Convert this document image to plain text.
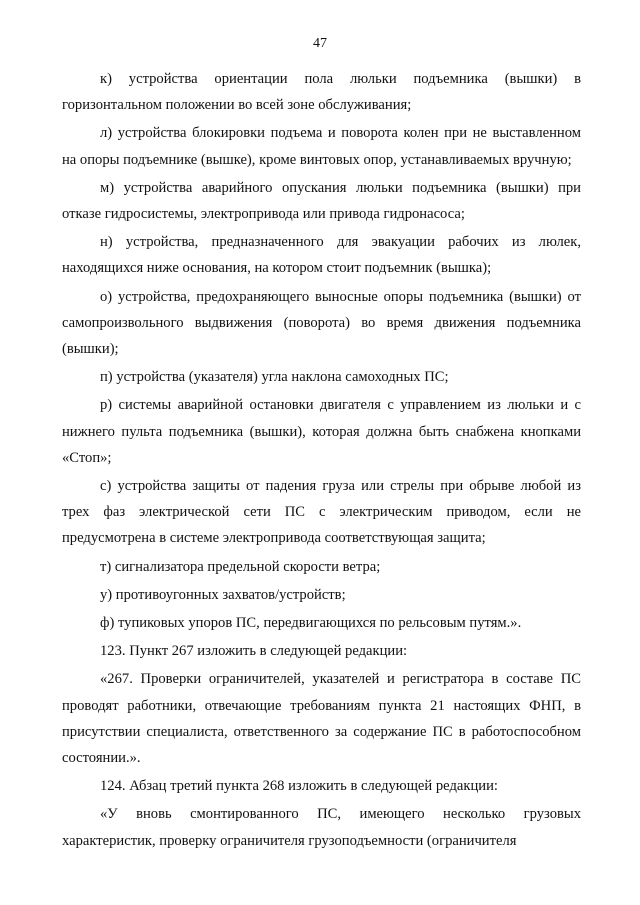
47

к) устройства ориентации пола люльки подъемника (вышки) в горизонтальном положении во всей зоне обслуживания;

л) устройства блокировки подъема и поворота колен при не выставленном на опоры подъемнике (вышке), кроме винтовых опор, устанавливаемых вручную;

м) устройства аварийного опускания люльки подъемника (вышки) при отказе гидросистемы, электропривода или привода гидронасоса;

н) устройства, предназначенного для эвакуации рабочих из люлек, находящихся ниже основания, на котором стоит подъемник (вышка);

о) устройства, предохраняющего выносные опоры подъемника (вышки) от самопроизвольного выдвижения (поворота) во время движения подъемника (вышки);

п) устройства (указателя) угла наклона самоходных ПС;

р) системы аварийной остановки двигателя с управлением из люльки и с нижнего пульта подъемника (вышки), которая должна быть снабжена кнопками «Стоп»;

с) устройства защиты от падения груза или стрелы при обрыве любой из трех фаз электрической сети ПС с электрическим приводом, если не предусмотрена в системе электропривода соответствующая защита;

т) сигнализатора предельной скорости ветра;

у) противоугонных захватов/устройств;

ф) тупиковых упоров ПС, передвигающихся по рельсовым путям.».

123. Пункт 267 изложить в следующей редакции:

«267. Проверки ограничителей, указателей и регистратора в составе ПС проводят работники, отвечающие требованиям пункта 21 настоящих ФНП, в присутствии специалиста, ответственного за содержание ПС в работоспособном состоянии.».

124. Абзац третий пункта 268 изложить в следующей редакции:

«У вновь смонтированного ПС, имеющего несколько грузовых характеристик, проверку ограничителя грузоподъемности (ограничителя
